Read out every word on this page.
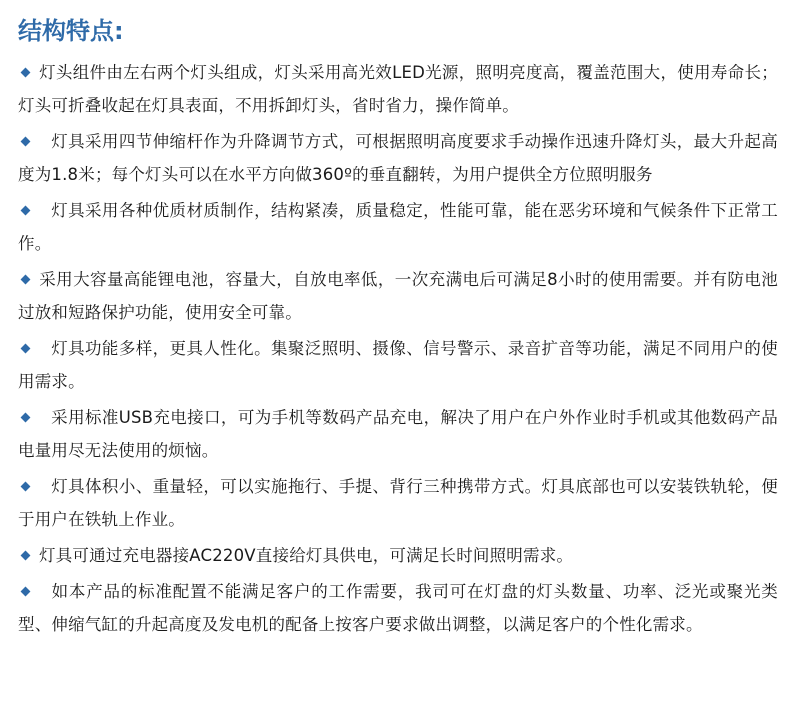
结构特点:
灯头组件由左右两个灯头组成，灯头采用高光效LED光源，照明亮度高，覆盖范围大，使用寿命长；灯头可折叠收起在灯具表面，不用拆卸灯头，省时省力，操作简单。
灯具采用四节伸缩杆作为升降调节方式，可根据照明高度要求手动操作迅速升降灯头，最大升起高度为1.8米；每个灯头可以在水平方向做360º的垂直翻转，为用户提供全方位照明服务
灯具采用各种优质材质制作，结构紧凑，质量稳定，性能可靠，能在恶劣环境和气候条件下正常工作。
采用大容量高能锂电池，容量大，自放电率低，一次充满电后可满足8小时的使用需要。并有防电池过放和短路保护功能，使用安全可靠。
灯具功能多样，更具人性化。集聚泛照明、摄像、信号警示、录音扩音等功能，满足不同用户的使用需求。
采用标准USB充电接口，可为手机等数码产品充电，解决了用户在户外作业时手机或其他数码产品电量用尽无法使用的烦恼。
灯具体积小、重量轻，可以实施拖行、手提、背行三种携带方式。灯具底部也可以安装铁轨轮，便于用户在铁轨上作业。
灯具可通过充电器接AC220V直接给灯具供电，可满足长时间照明需求。
如本产品的标准配置不能满足客户的工作需要，我司可在灯盘的灯头数量、功率、泛光或聚光类型、伸缩气缸的升起高度及发电机的配备上按客户要求做出调整，以满足客户的个性化需求。
